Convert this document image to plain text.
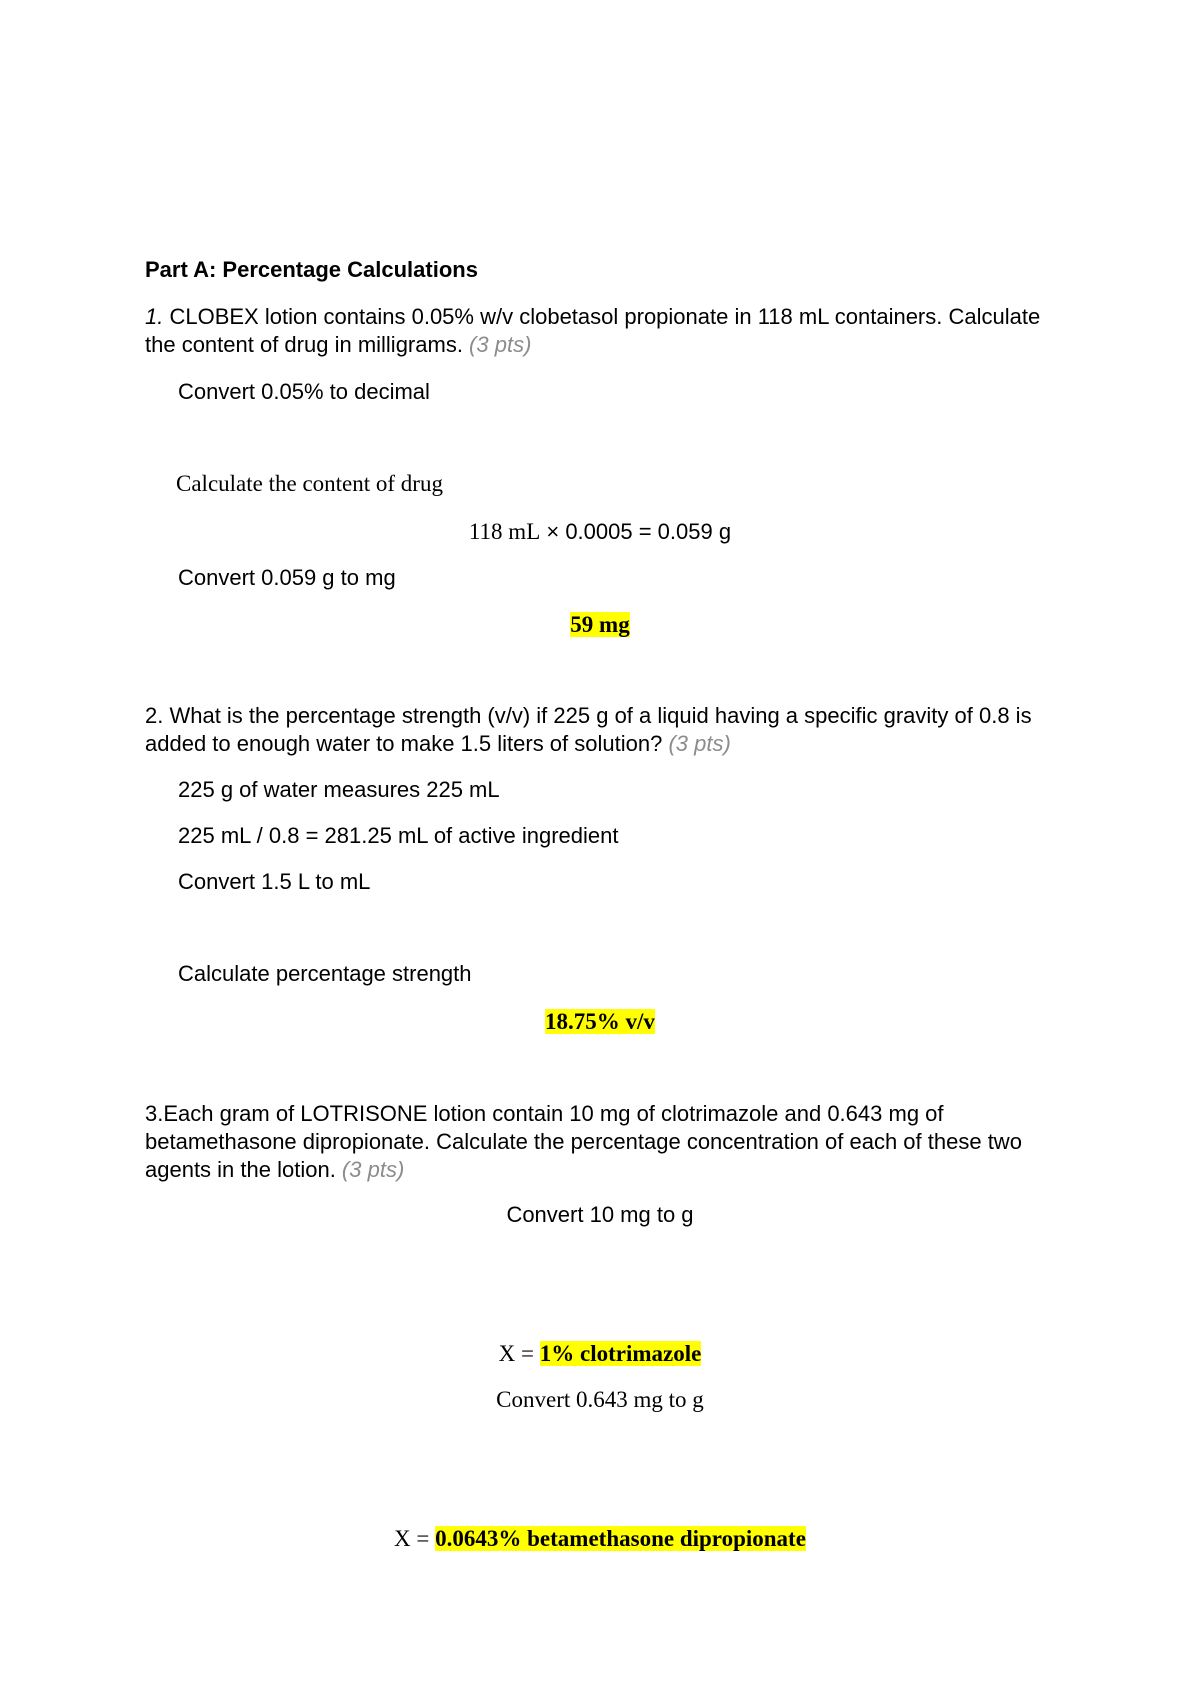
Part A: Percentage Calculations
1. CLOBEX lotion contains 0.05% w/v clobetasol propionate in 118 mL containers. Calculate the content of drug in milligrams. (3 pts)
Convert 0.05% to decimal
Calculate the content of drug
118 mL × 0.0005 = 0.059 g
Convert 0.059 g to mg
59 mg
2. What is the percentage strength (v/v) if 225 g of a liquid having a specific gravity of 0.8 is added to enough water to make 1.5 liters of solution? (3 pts)
225 g of water measures 225 mL
225 mL / 0.8 = 281.25 mL of active ingredient
Convert 1.5 L to mL
Calculate percentage strength
18.75% v/v
3.Each gram of LOTRISONE lotion contain 10 mg of clotrimazole and 0.643 mg of betamethasone dipropionate. Calculate the percentage concentration of each of these two agents in the lotion. (3 pts)
Convert 10 mg to g
X = 1% clotrimazole
Convert 0.643 mg to g
X = 0.0643% betamethasone dipropionate
